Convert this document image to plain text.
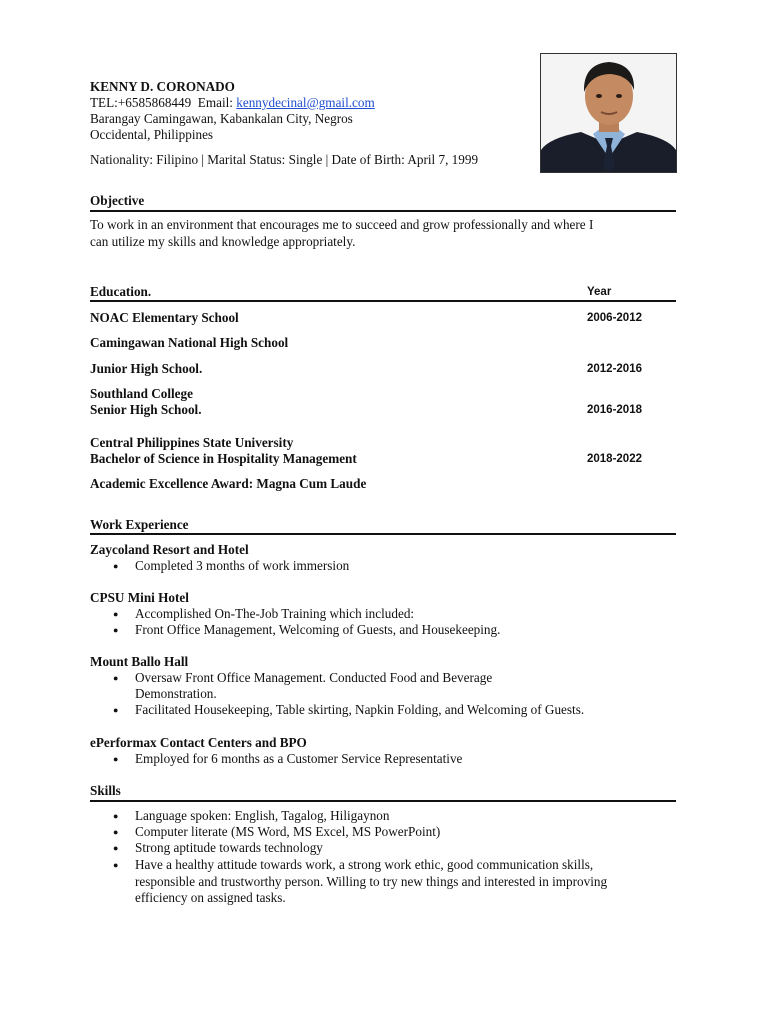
KENNY D. CORONADO
TEL:+6585868449  Email: kennydecinal@gmail.com
Barangay Camingawan, Kabankalan City, Negros
Occidental, Philippines
Nationality: Filipino | Marital Status: Single | Date of Birth: April 7, 1999
Objective
To work in an environment that encourages me to succeed and grow professionally and where I
can utilize my skills and knowledge appropriately.
Education.	Year
NOAC Elementary School	2006-2012
Camingawan National High School
Junior High School.	2012-2016
Southland College
Senior High School.	2016-2018
Central Philippines State University
Bachelor of Science in Hospitality Management	2018-2022
Academic Excellence Award: Magna Cum Laude
Work Experience
Zaycoland Resort and Hotel
● Completed 3 months of work immersion
CPSU Mini Hotel
● Accomplished On-The-Job Training which included:
● Front Office Management, Welcoming of Guests, and Housekeeping.
Mount Ballo Hall
● Oversaw Front Office Management. Conducted Food and Beverage
Demonstration.
● Facilitated Housekeeping, Table skirting, Napkin Folding, and Welcoming of Guests.
ePerformax Contact Centers and BPO
● Employed for 6 months as a Customer Service Representative
Skills
● Language spoken: English, Tagalog, Hiligaynon
● Computer literate (MS Word, MS Excel, MS PowerPoint)
● Strong aptitude towards technology
● Have a healthy attitude towards work, a strong work ethic, good communication skills,
responsible and trustworthy person. Willing to try new things and interested in improving
efficiency on assigned tasks.
